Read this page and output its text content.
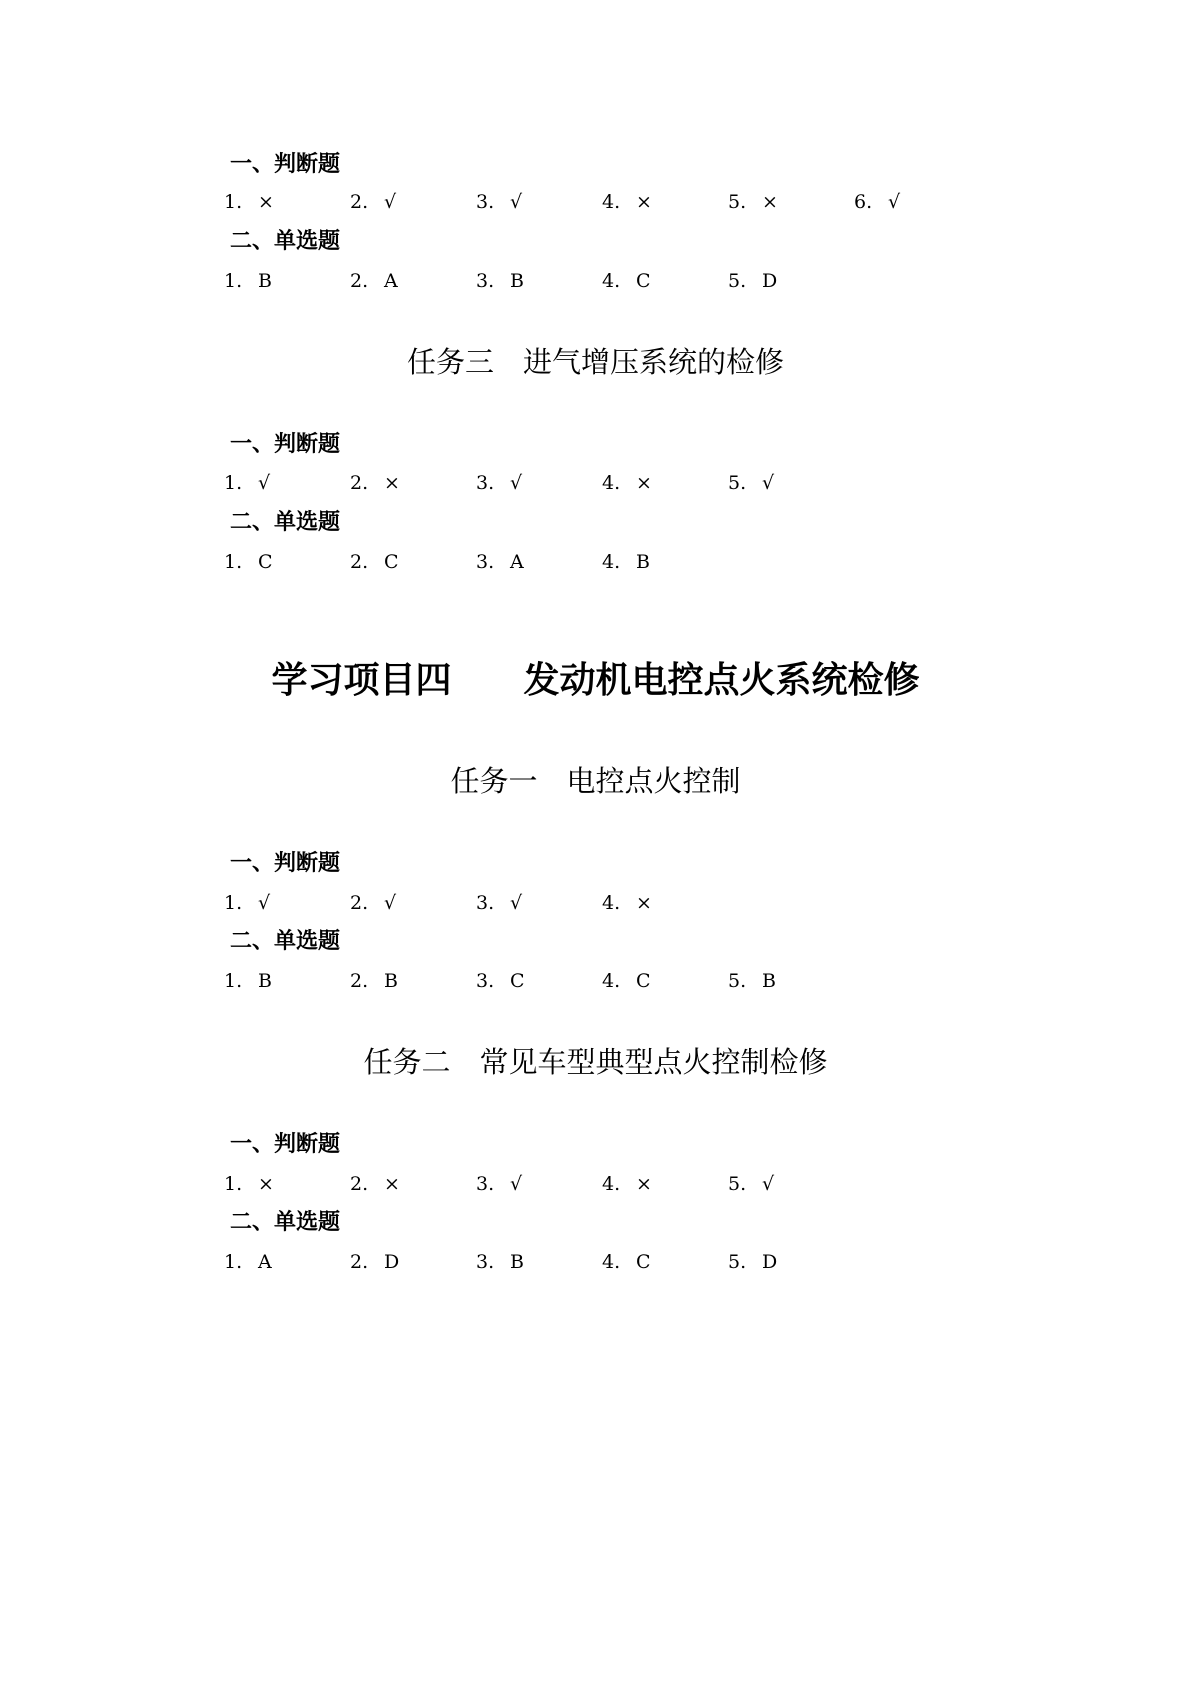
一、判断题
1. ×	2. √	3. √	4. ×	5. ×	6. √
二、单选题
1. B	2. A	3. B	4. C	5. D
任务三　进气增压系统的检修
一、判断题
1. √	2. ×	3. √	4. ×	5. √
二、单选题
1. C	2. C	3. A	4. B
学习项目四　　发动机电控点火系统检修
任务一　电控点火控制
一、判断题
1. √	2. √	3. √	4. ×
二、单选题
1. B	2. B	3. C	4. C	5. B
任务二　常见车型典型点火控制检修
一、判断题
1. ×	2. ×	3. √	4. ×	5. √
二、单选题
1. A	2. D	3. B	4. C	5. D
